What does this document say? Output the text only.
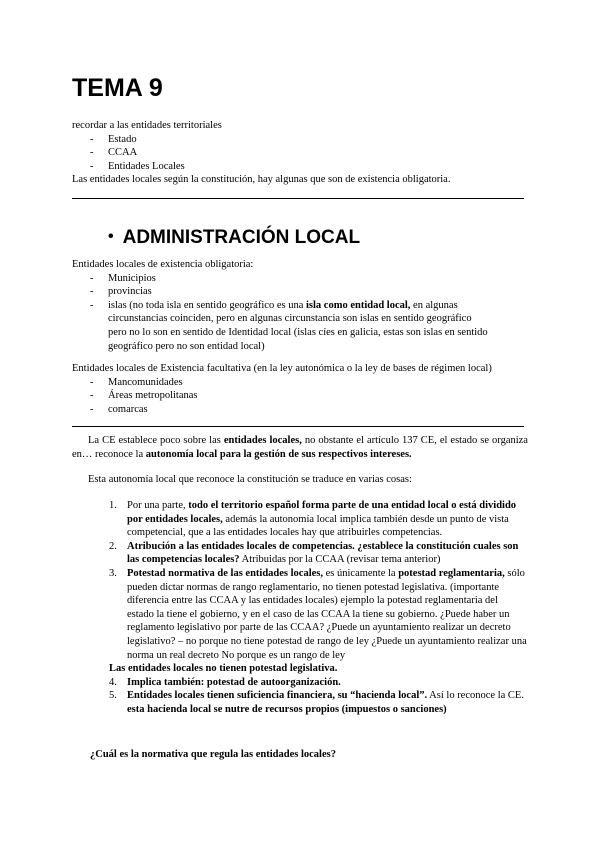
TEMA 9
recordar a las entidades territoriales
- Estado
- CCAA
- Entidades Locales
Las entidades locales según la constitución, hay algunas que son de existencia obligatoria.
• ADMINISTRACIÓN LOCAL
Entidades locales de existencia obligatoria:
- Municipios
- provincias
- islas (no toda isla en sentido geográfico es una isla como entidad local, en algunas circunstancias coinciden, pero en algunas circunstancia son islas en sentido geográfico pero no lo son en sentido de Identidad local (islas cíes en galicia, estas son islas en sentido geográfico pero no son entidad local)
Entidades locales de Existencia facultativa (en la ley autonómica o la ley de bases de régimen local)
- Mancomunidades
- Áreas metropolitanas
- comarcas
La CE establece poco sobre las entidades locales, no obstante el artículo 137 CE, el estado se organiza en… reconoce la autonomía local para la gestión de sus respectivos intereses.
Esta autonomía local que reconoce la constitución se traduce en varias cosas:
1. Por una parte, todo el territorio español forma parte de una entidad local o está dividido por entidades locales, además la autonomía local implica también desde un punto de vista competencial, que a las entidades locales hay que atribuirles competencias.
2. Atribución a las entidades locales de competencias. ¿establece la constitución cuales son las competencias locales? Atribuidas por la CCAA (revisar tema anterior)
3. Potestad normativa de las entidades locales, es únicamente la potestad reglamentaria, sólo pueden dictar normas de rango reglamentario, no tienen potestad legislativa. (importante diferencia entre las CCAA y las entidades locales) ejemplo la potestad reglamentaria del estado la tiene el gobierno, y en el caso de las CCAA la tiene su gobierno. ¿Puede haber un reglamento legislativo por parte de las CCAA? ¿Puede un ayuntamiento realizar un decreto legislativo? – no porque no tiene potestad de rango de ley ¿Puede un ayuntamiento realizar una norma un real decreto No porque es un rango de ley
Las entidades locales no tienen potestad legislativa.
4. Implica también: potestad de autoorganización.
5. Entidades locales tienen suficiencia financiera, su “hacienda local”. Así lo reconoce la CE. esta hacienda local se nutre de recursos propios (impuestos o sanciones)
¿Cuál es la normativa que regula las entidades locales?
